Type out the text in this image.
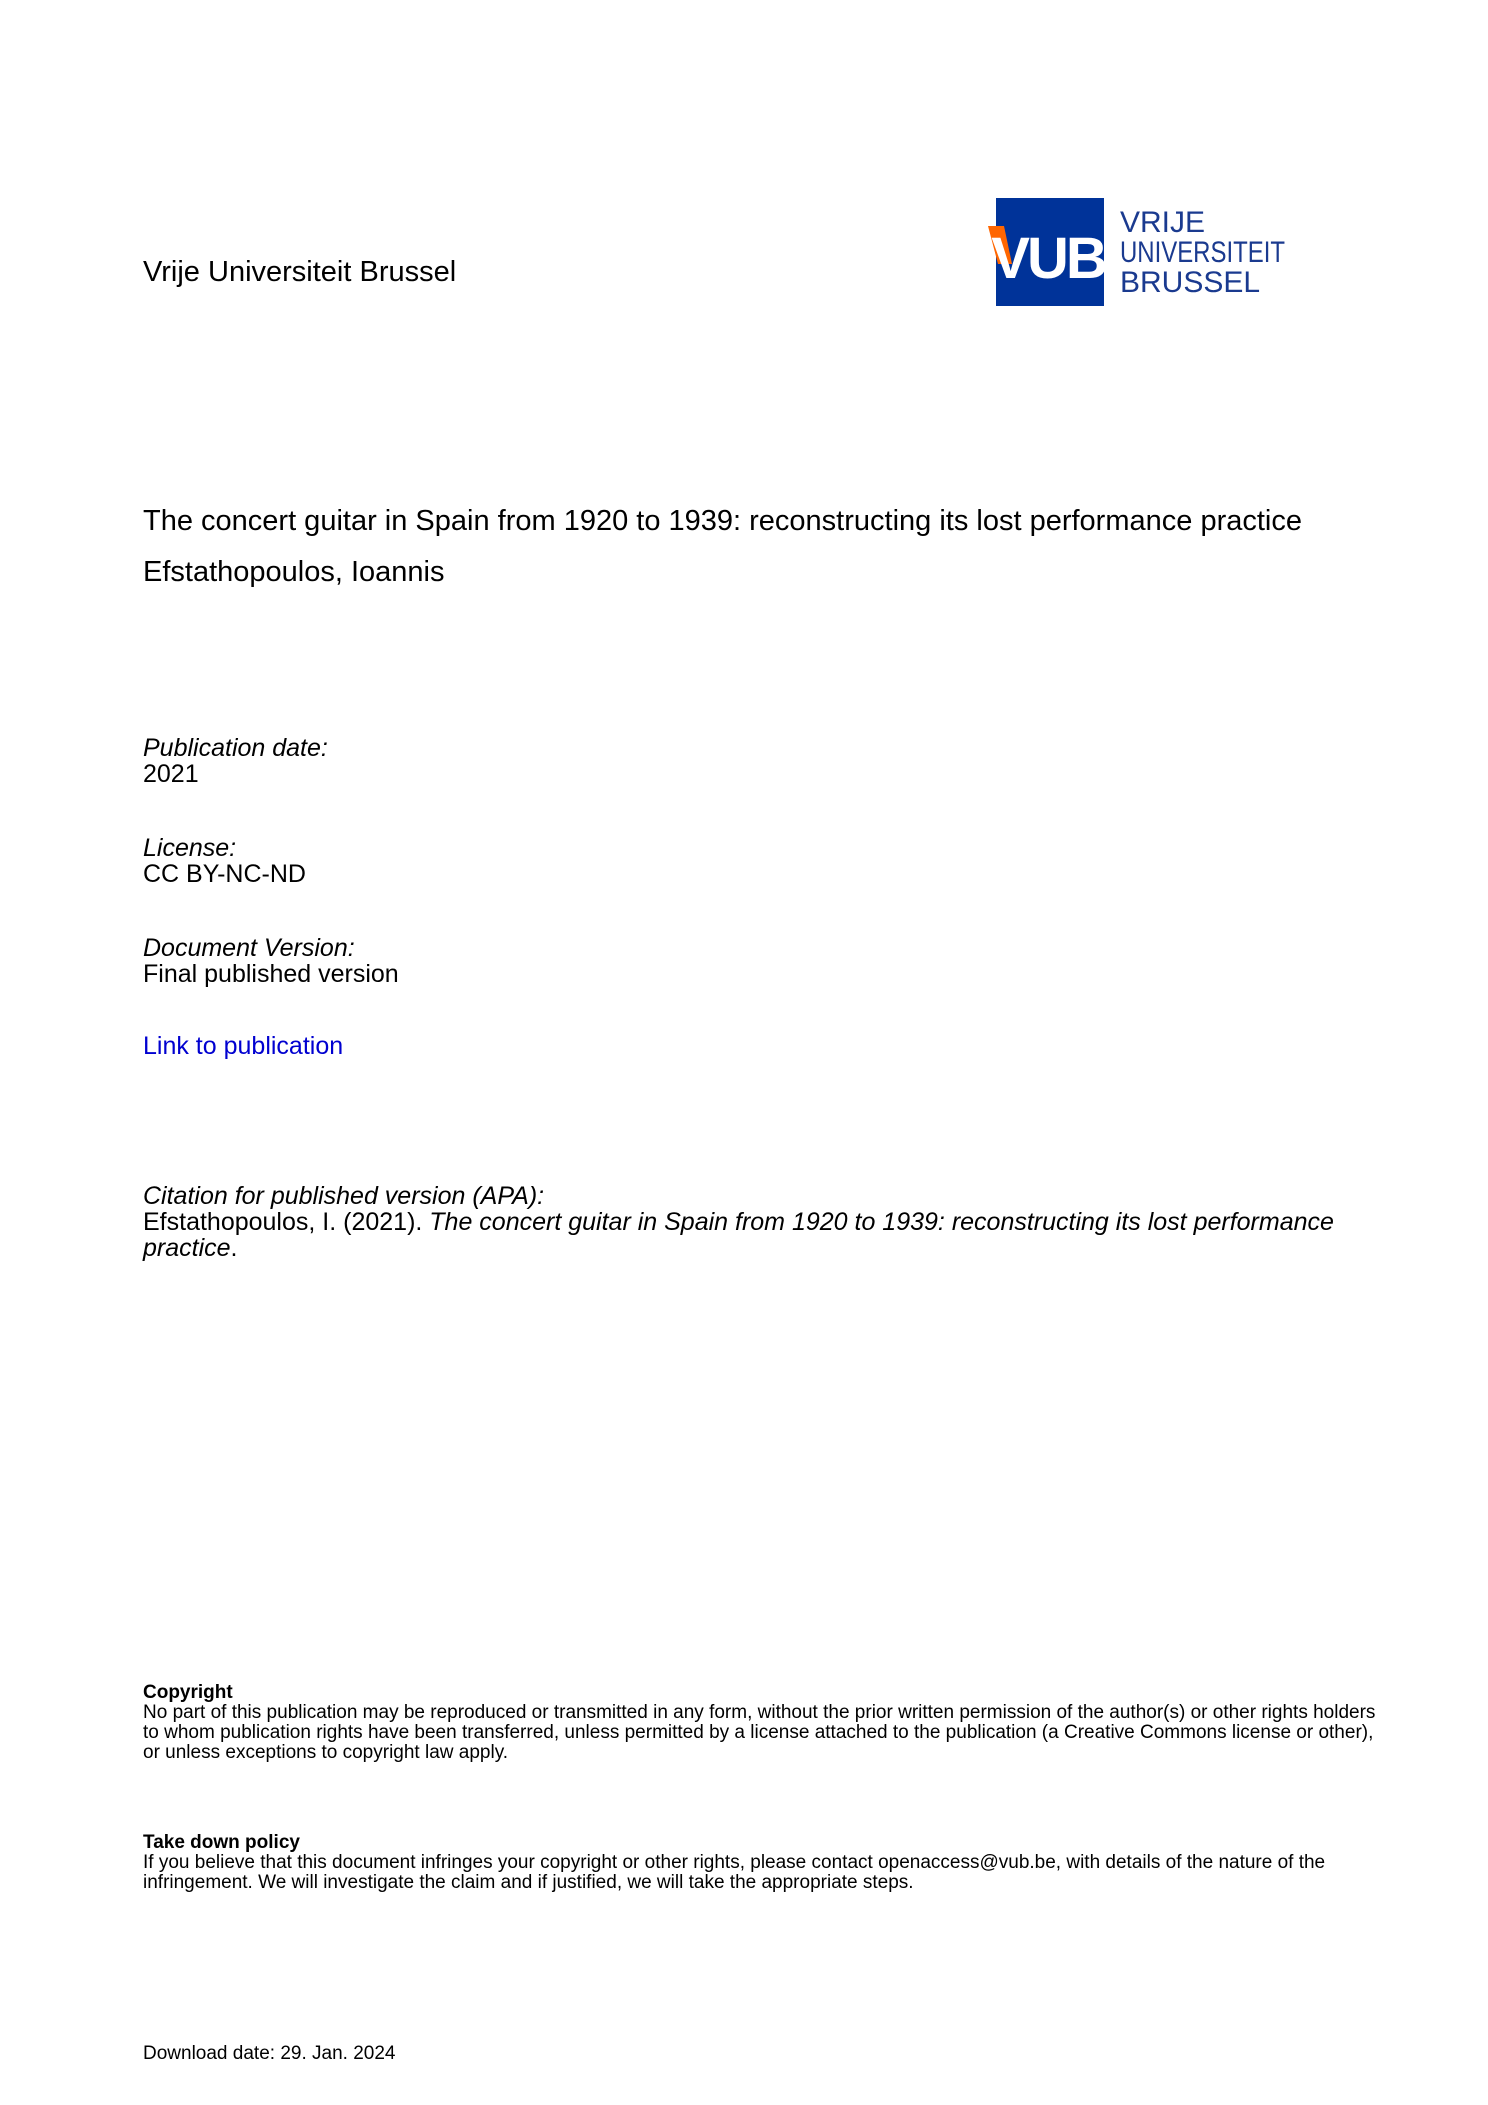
Vrije Universiteit Brussel	VUB
VRIJE
UNIVERSITEIT
BRUSSEL
The concert guitar in Spain from 1920 to 1939: reconstructing its lost performance practice
Efstathopoulos, Ioannis
Publication date:
2021
License:
CC BY-NC-ND
Document Version:
Final published version
Link to publication
Citation for published version (APA):
Efstathopoulos, I. (2021). The concert guitar in Spain from 1920 to 1939: reconstructing its lost performance practice.
Copyright
No part of this publication may be reproduced or transmitted in any form, without the prior written permission of the author(s) or other rights holders to whom publication rights have been transferred, unless permitted by a license attached to the publication (a Creative Commons license or other), or unless exceptions to copyright law apply.
Take down policy
If you believe that this document infringes your copyright or other rights, please contact openaccess@vub.be, with details of the nature of the infringement. We will investigate the claim and if justified, we will take the appropriate steps.
Download date: 29. Jan. 2024
